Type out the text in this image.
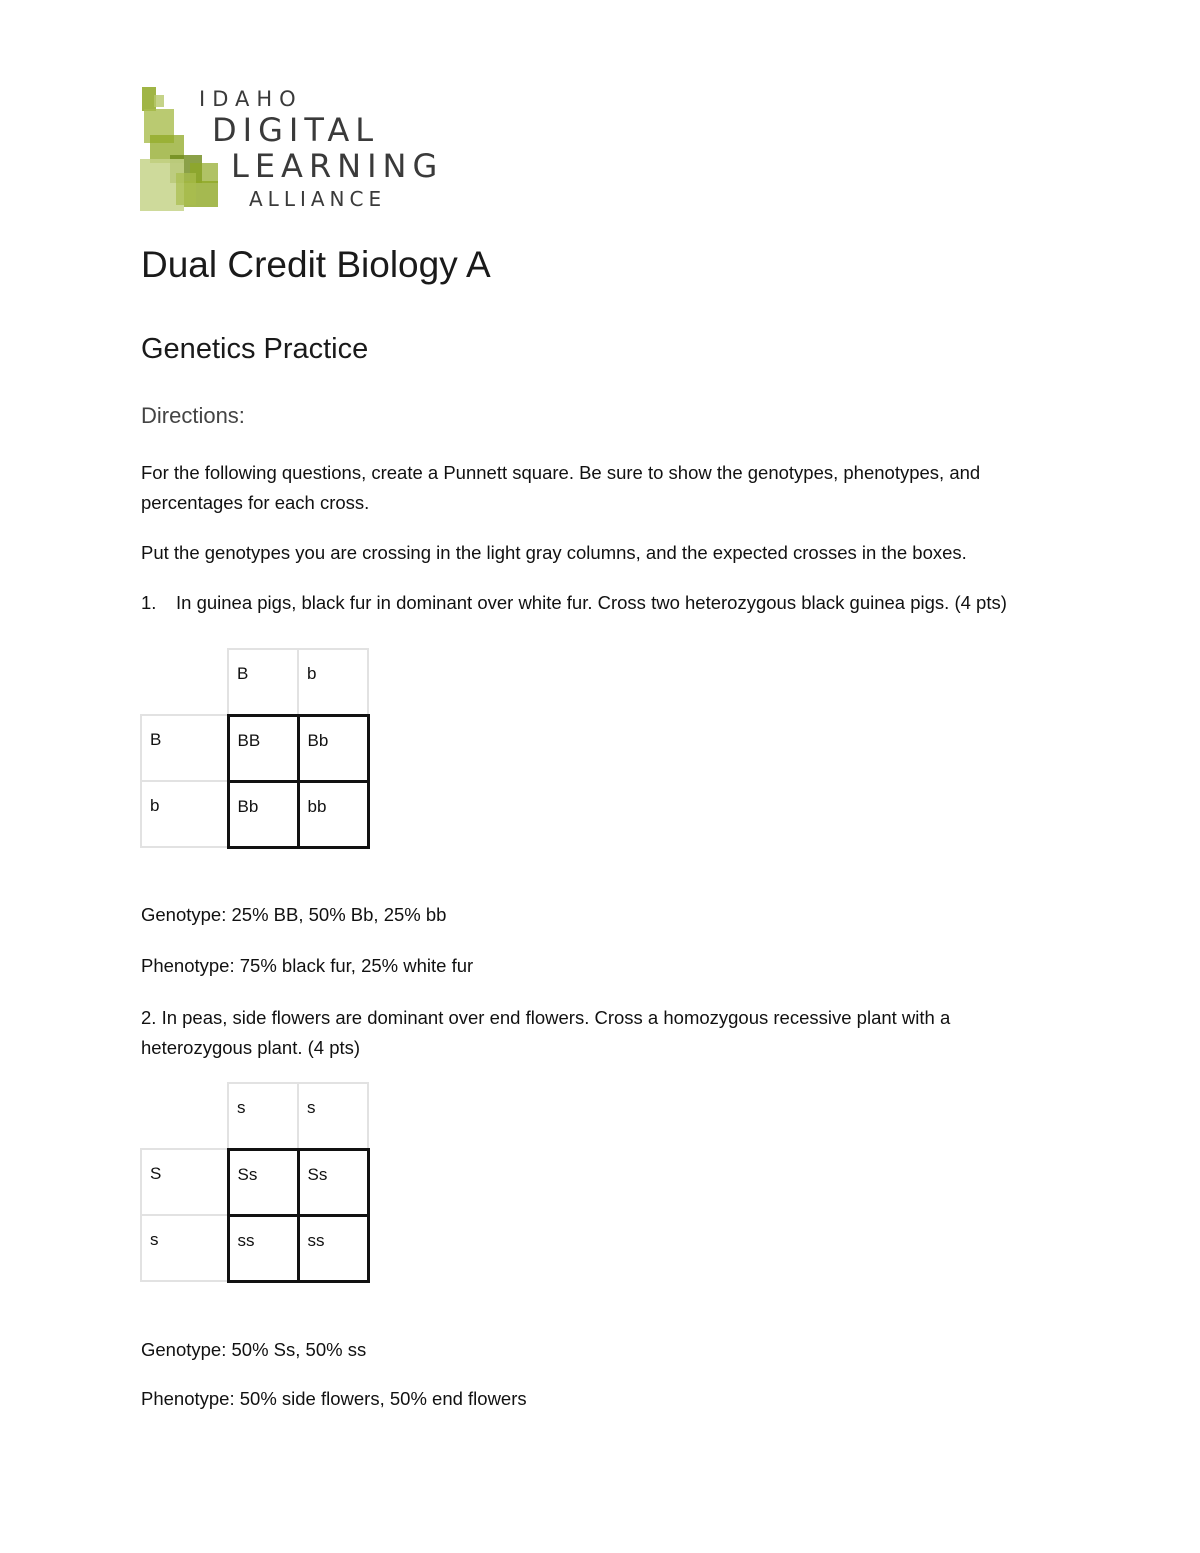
IDAHO
DIGITAL
LEARNING
ALLIANCE
Dual Credit Biology A
Genetics Practice
Directions:
For the following questions, create a Punnett square. Be sure to show the genotypes, phenotypes, and percentages for each cross.
Put the genotypes you are crossing in the light gray columns, and the expected crosses in the boxes.
1. In guinea pigs, black fur in dominant over white fur. Cross two heterozygous black guinea pigs. (4 pts)
	B	b
B	BB	Bb
b	Bb	bb
Genotype: 25% BB, 50% Bb, 25% bb
Phenotype: 75% black fur, 25% white fur
2. In peas, side flowers are dominant over end flowers. Cross a homozygous recessive plant with a heterozygous plant. (4 pts)
	s	s
S	Ss	Ss
s	ss	ss
Genotype: 50% Ss, 50% ss
Phenotype: 50% side flowers, 50% end flowers
